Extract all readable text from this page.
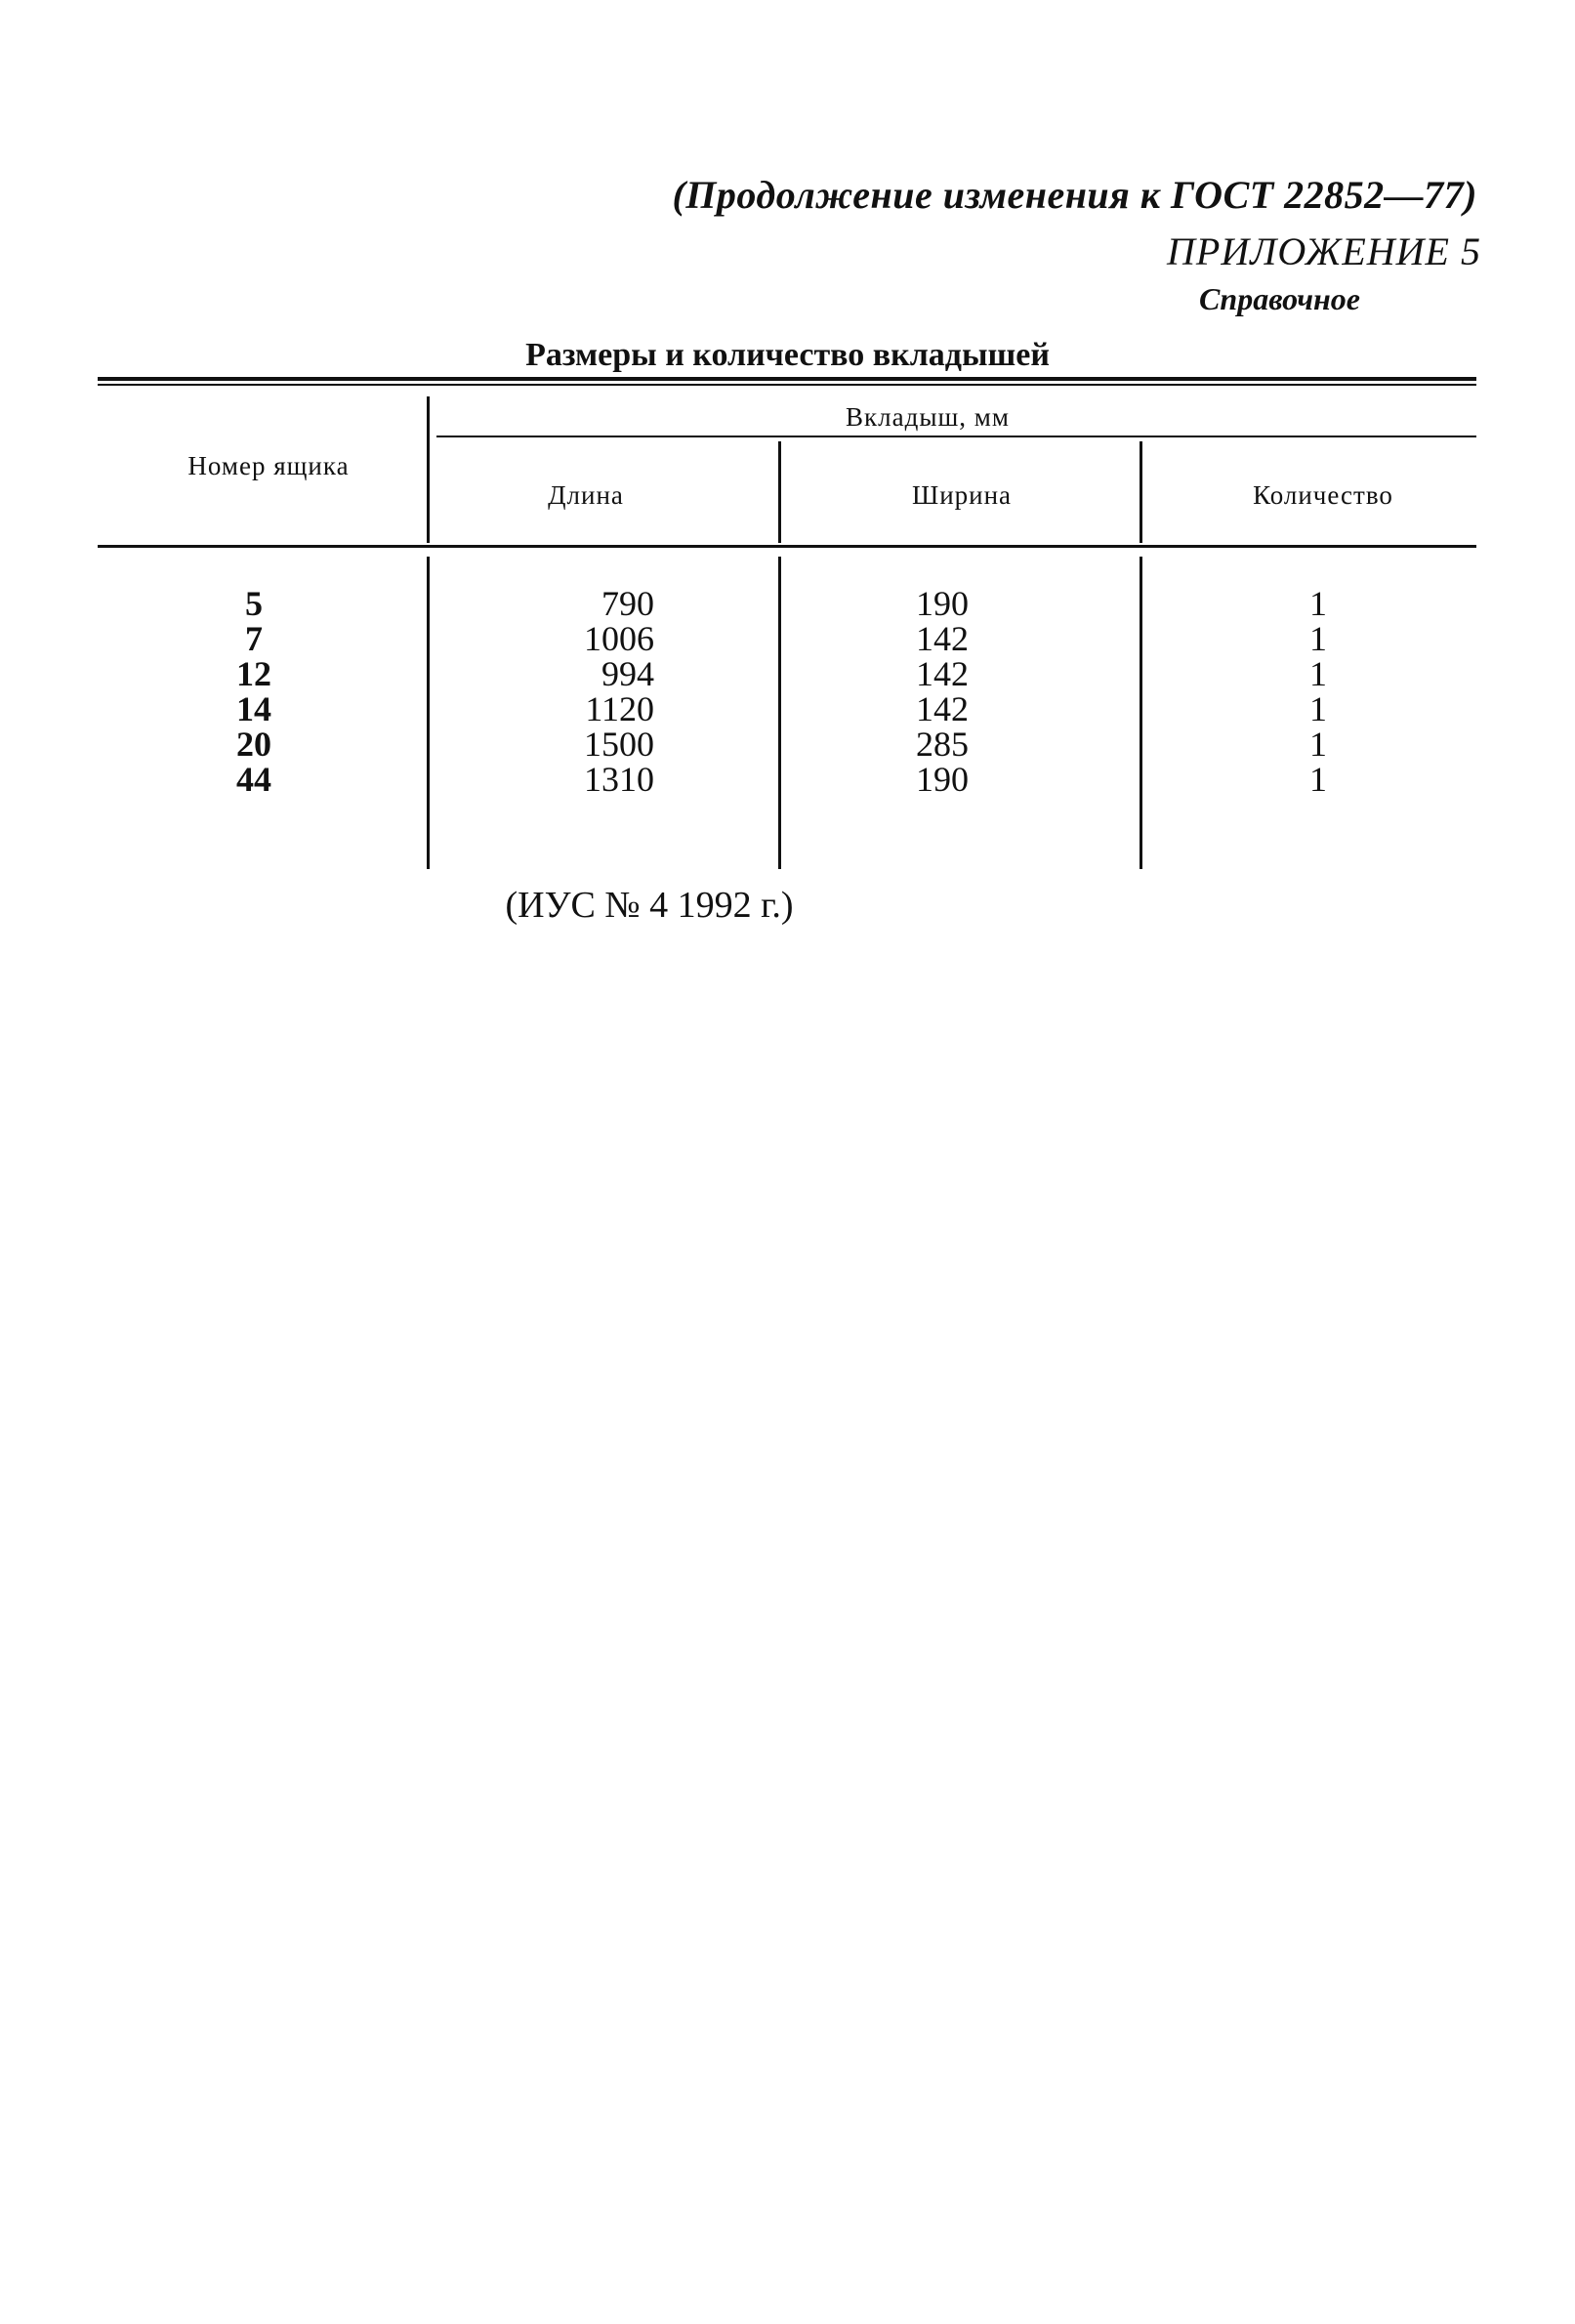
(Продолжение изменения к ГОСТ 22852—77)
ПРИЛОЖЕНИЕ 5
Справочное
Размеры и количество вкладышей
Номер ящика
Вкладыш, мм
Длина	Ширина	Количество
5
7
12
14
20
44
790
1006
994
1120
1500
1310
190
142
142
142
285
190
1
1
1
1
1
1
(ИУС № 4 1992 г.)
